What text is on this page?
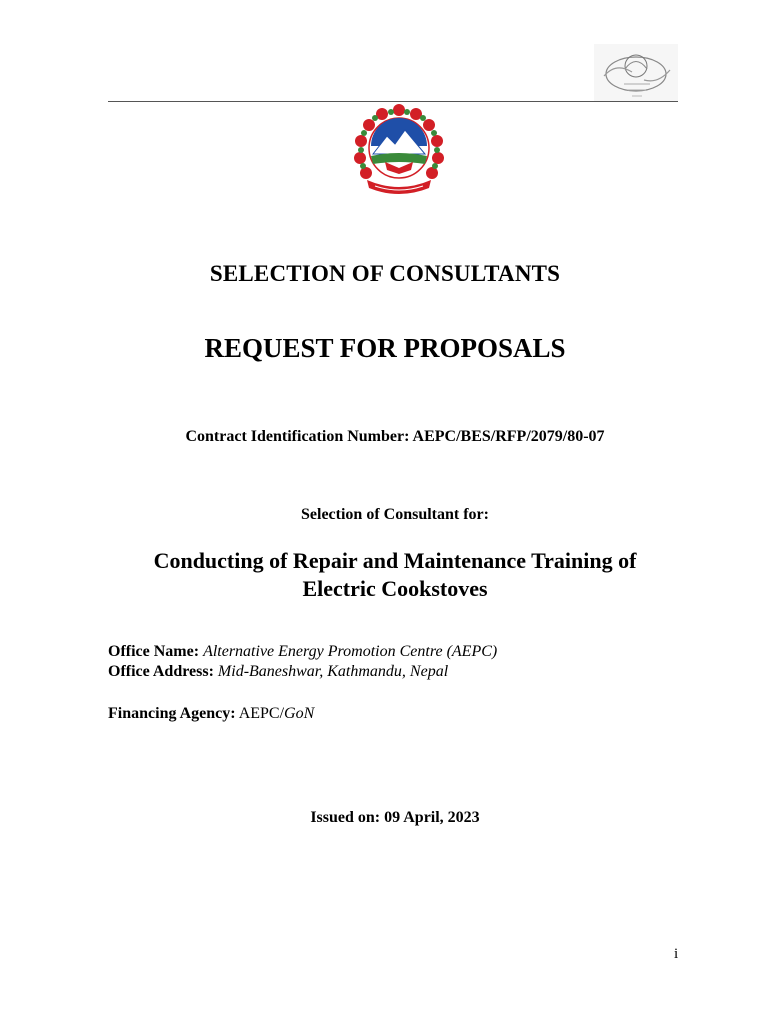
SELECTION OF CONSULTANTS
REQUEST FOR PROPOSALS
Contract Identification Number: AEPC/BES/RFP/2079/80-07
Selection of Consultant for:
Conducting of Repair and Maintenance Training of
Electric Cookstoves
Office Name: Alternative Energy Promotion Centre (AEPC)
Office Address: Mid-Baneshwar, Kathmandu, Nepal
Financing Agency: AEPC/GoN
Issued on: 09 April, 2023
i
